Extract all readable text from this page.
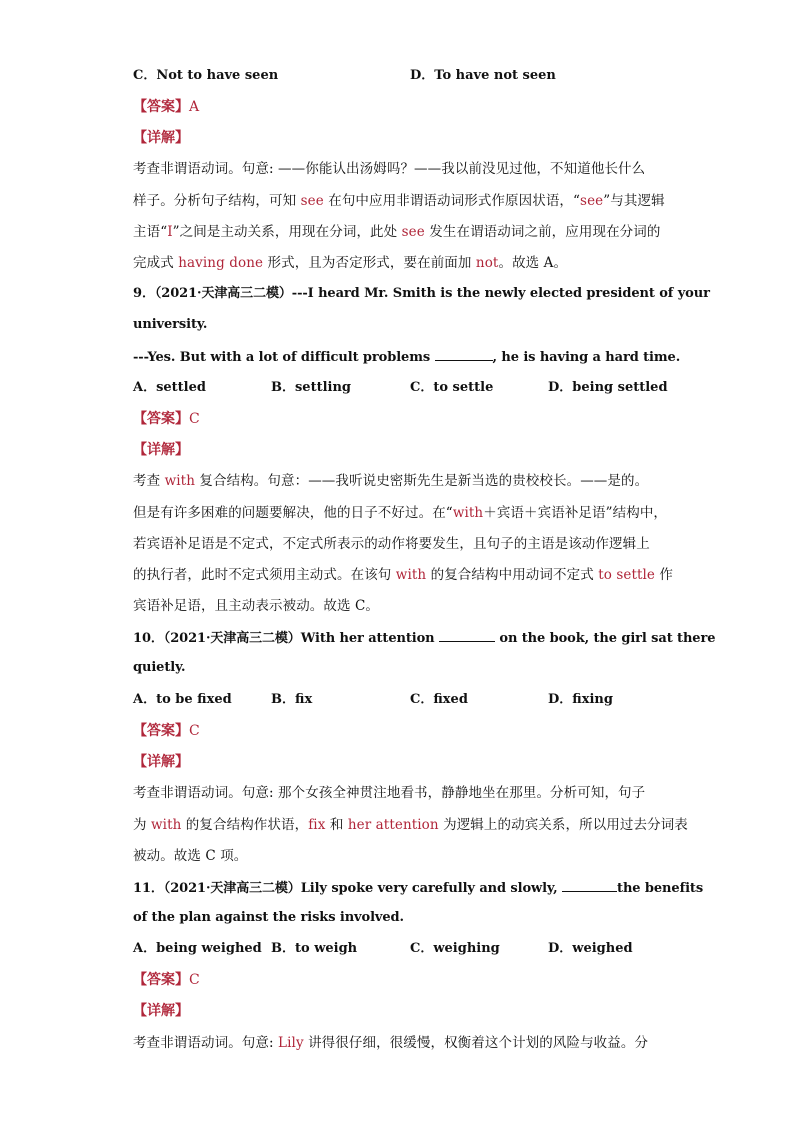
C．Not to have seen	D．To have not seen
【答案】A
【详解】
考查非谓语动词。句意: ——你能认出汤姆吗？——我以前没见过他，不知道他长什么
样子。分析句子结构，可知 see 在句中应用非谓语动词形式作原因状语，“see”与其逻辑
主语“I”之间是主动关系，用现在分词，此处 see 发生在谓语动词之前，应用现在分词的
完成式 having done 形式，且为否定形式，要在前面加 not。故选 A。
9．（2021·天津高三二模）---I heard Mr. Smith is the newly elected president of your
university.
---Yes. But with a lot of difficult problems	, he is having a hard time.
A．settled	B．settling	C．to settle	D．being settled
【答案】C
【详解】
考查 with 复合结构。句意：——我听说史密斯先生是新当选的贵校校长。——是的。
但是有许多困难的问题要解决，他的日子不好过。在“with＋宾语＋宾语补足语”结构中，
若宾语补足语是不定式，不定式所表示的动作将要发生，且句子的主语是该动作逻辑上
的执行者，此时不定式须用主动式。在该句 with 的复合结构中用动词不定式 to settle 作
宾语补足语，且主动表示被动。故选 C。
10．（2021·天津高三二模）With her attention	on the book, the girl sat there
quietly.
A．to be fixed	B．fix	C．fixed	D．fixing
【答案】C
【详解】
考查非谓语动词。句意: 那个女孩全神贯注地看书，静静地坐在那里。分析可知，句子
为 with 的复合结构作状语，fix 和 her attention 为逻辑上的动宾关系，所以用过去分词表
被动。故选 C 项。
11．（2021·天津高三二模）Lily spoke very carefully and slowly,	the benefits
of the plan against the risks involved.
A．being weighed B．to weigh	C．weighing	D．weighed
【答案】C
【详解】
考查非谓语动词。句意: Lily 讲得很仔细，很缓慢，权衡着这个计划的风险与收益。分
